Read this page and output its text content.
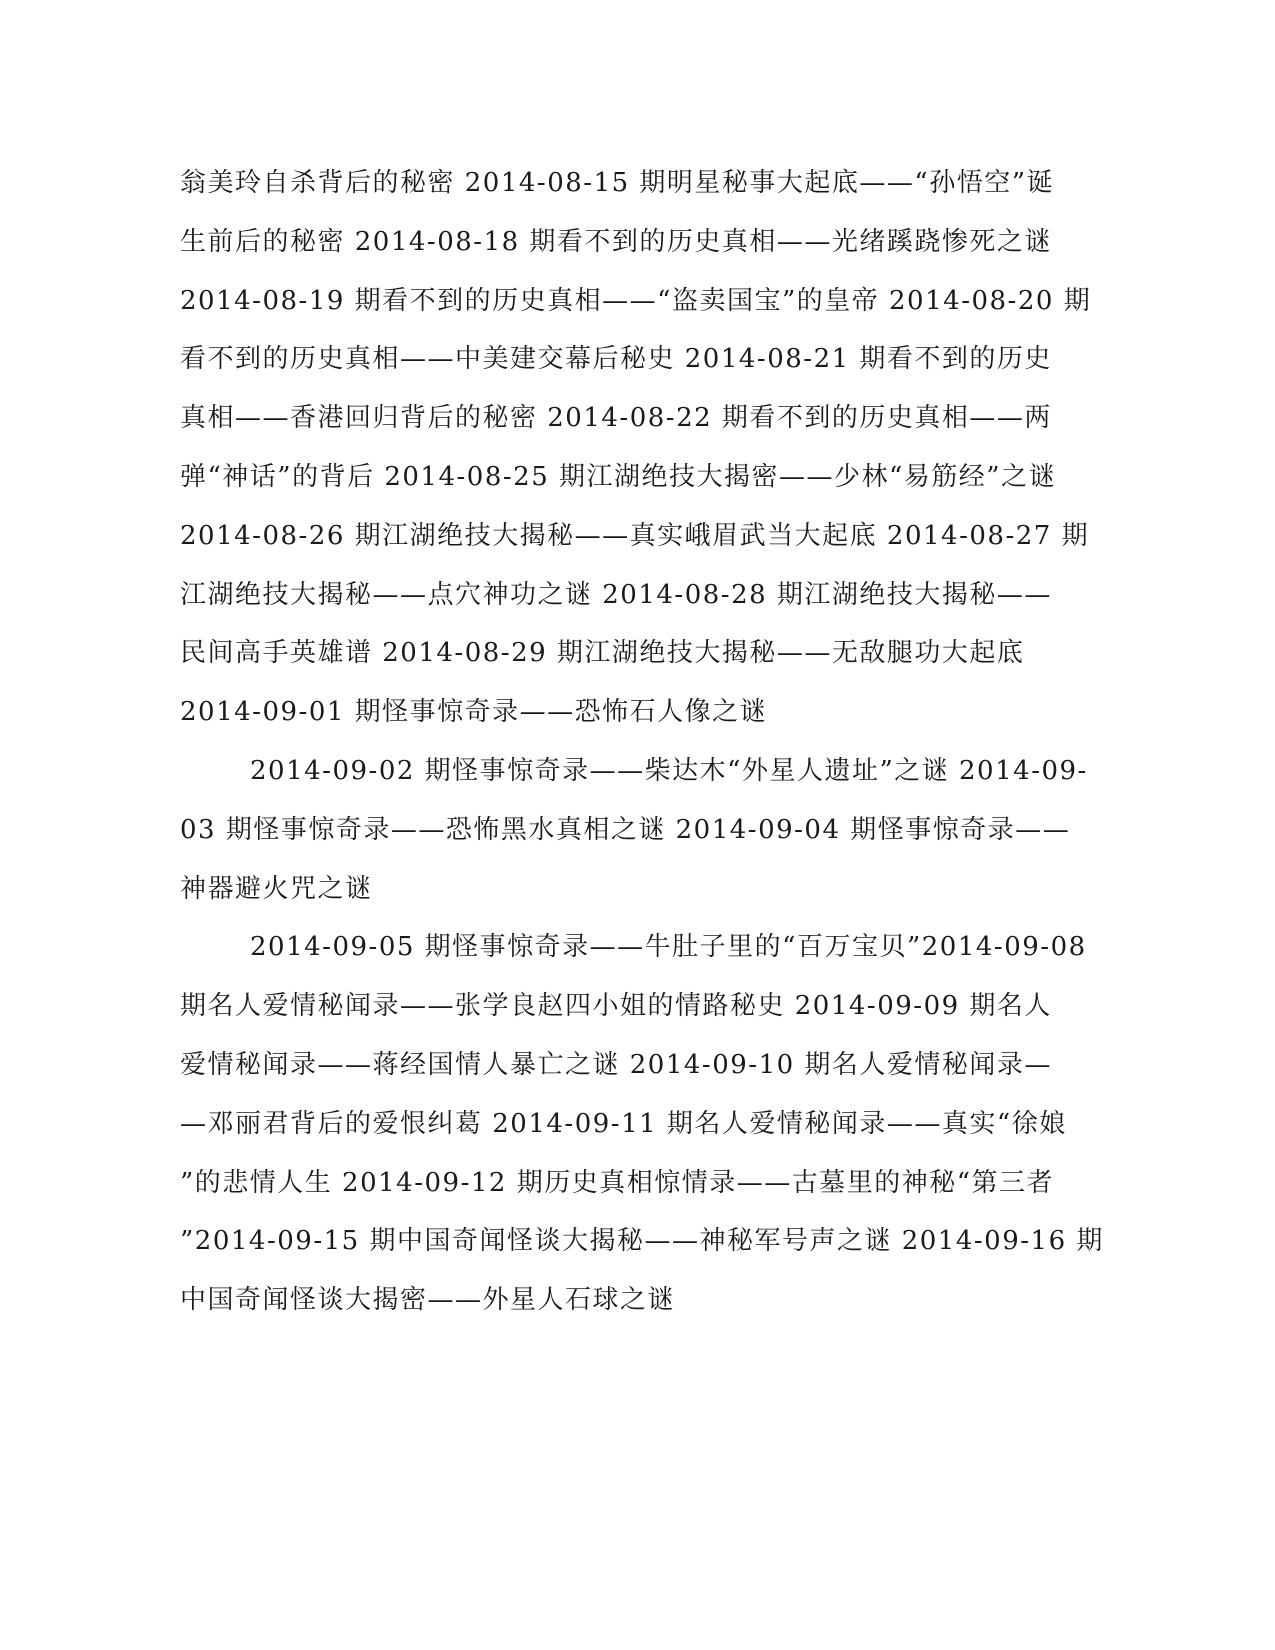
翁美玲自杀背后的秘密 2014-08-15 期明星秘事大起底——“孙悟空”诞
生前后的秘密 2014-08-18 期看不到的历史真相——光绪蹊跷惨死之谜
2014-08-19 期看不到的历史真相——“盗卖国宝”的皇帝 2014-08-20 期
看不到的历史真相——中美建交幕后秘史 2014-08-21 期看不到的历史
真相——香港回归背后的秘密 2014-08-22 期看不到的历史真相——两
弹“神话”的背后 2014-08-25 期江湖绝技大揭密——少林“易筋经”之谜
2014-08-26 期江湖绝技大揭秘——真实峨眉武当大起底 2014-08-27 期
江湖绝技大揭秘——点穴神功之谜 2014-08-28 期江湖绝技大揭秘——
民间高手英雄谱 2014-08-29 期江湖绝技大揭秘——无敌腿功大起底
2014-09-01 期怪事惊奇录——恐怖石人像之谜
2014-09-02 期怪事惊奇录——柴达木“外星人遗址”之谜 2014-09-
03 期怪事惊奇录——恐怖黑水真相之谜 2014-09-04 期怪事惊奇录——
神器避火咒之谜
2014-09-05 期怪事惊奇录——牛肚子里的“百万宝贝”2014-09-08
期名人爱情秘闻录——张学良赵四小姐的情路秘史 2014-09-09 期名人
爱情秘闻录——蒋经国情人暴亡之谜 2014-09-10 期名人爱情秘闻录—
—邓丽君背后的爱恨纠葛 2014-09-11 期名人爱情秘闻录——真实“徐娘
”的悲情人生 2014-09-12 期历史真相惊情录——古墓里的神秘“第三者
”2014-09-15 期中国奇闻怪谈大揭秘——神秘军号声之谜 2014-09-16 期
中国奇闻怪谈大揭密——外星人石球之谜
